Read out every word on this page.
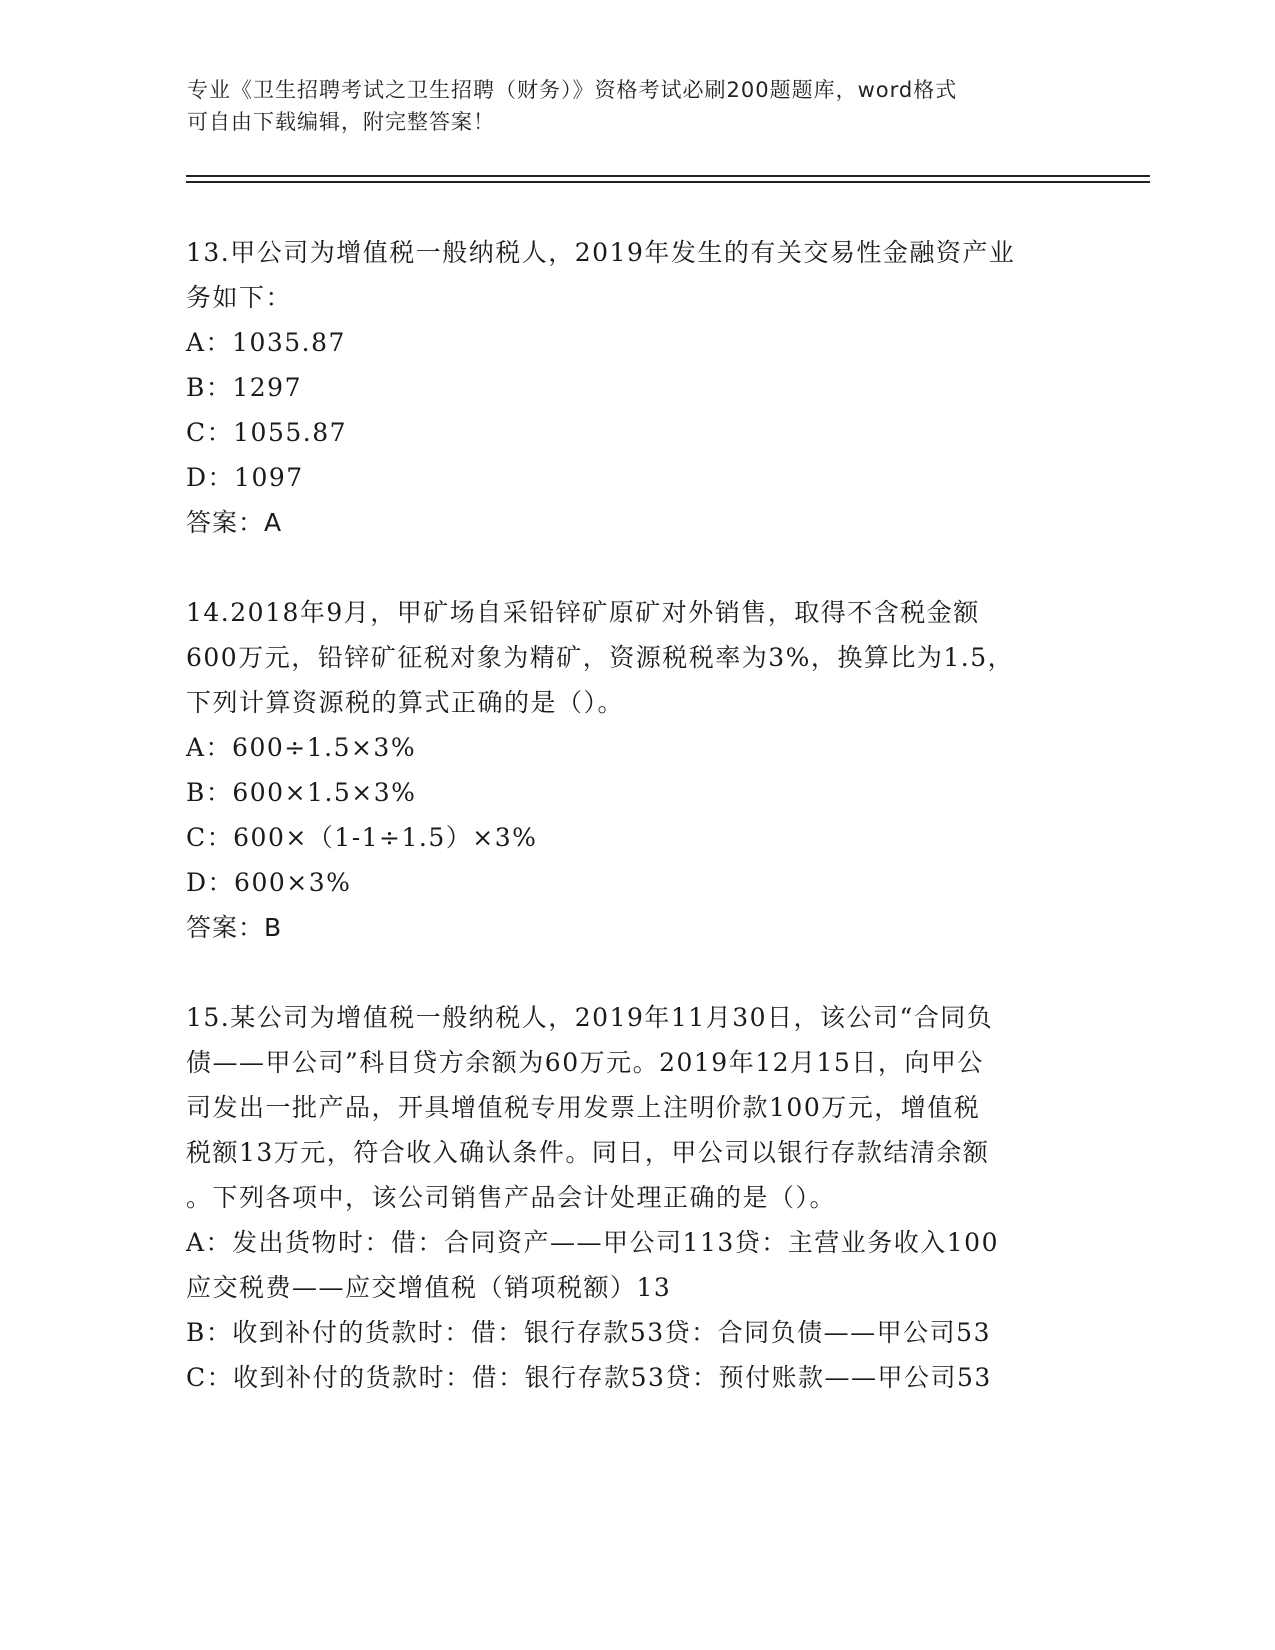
专业《卫生招聘考试之卫生招聘（财务）》资格考试必刷200题题库，word格式

可自由下载编辑，附完整答案！

13.甲公司为增值税一般纳税人，2019年发生的有关交易性金融资产业

务如下：

A：1035.87

B：1297

C：1055.87

D：1097

答案：A

14.2018年9月，甲矿场自采铅锌矿原矿对外销售，取得不含税金额

600万元，铅锌矿征税对象为精矿，资源税税率为3%，换算比为1.5，

下列计算资源税的算式正确的是（）。

A：600÷1.5×3%

B：600×1.5×3%

C：600×（1-1÷1.5）×3%

D：600×3%

答案：B

15.某公司为增值税一般纳税人，2019年11月30日，该公司“合同负

债——甲公司”科目贷方余额为60万元。2019年12月15日，向甲公

司发出一批产品，开具增值税专用发票上注明价款100万元，增值税

税额13万元，符合收入确认条件。同日，甲公司以银行存款结清余额

。下列各项中，该公司销售产品会计处理正确的是（）。

A：发出货物时：借：合同资产——甲公司113贷：主营业务收入100

应交税费——应交增值税（销项税额）13

B：收到补付的货款时：借：银行存款53贷：合同负债——甲公司53

C：收到补付的货款时：借：银行存款53贷：预付账款——甲公司53
